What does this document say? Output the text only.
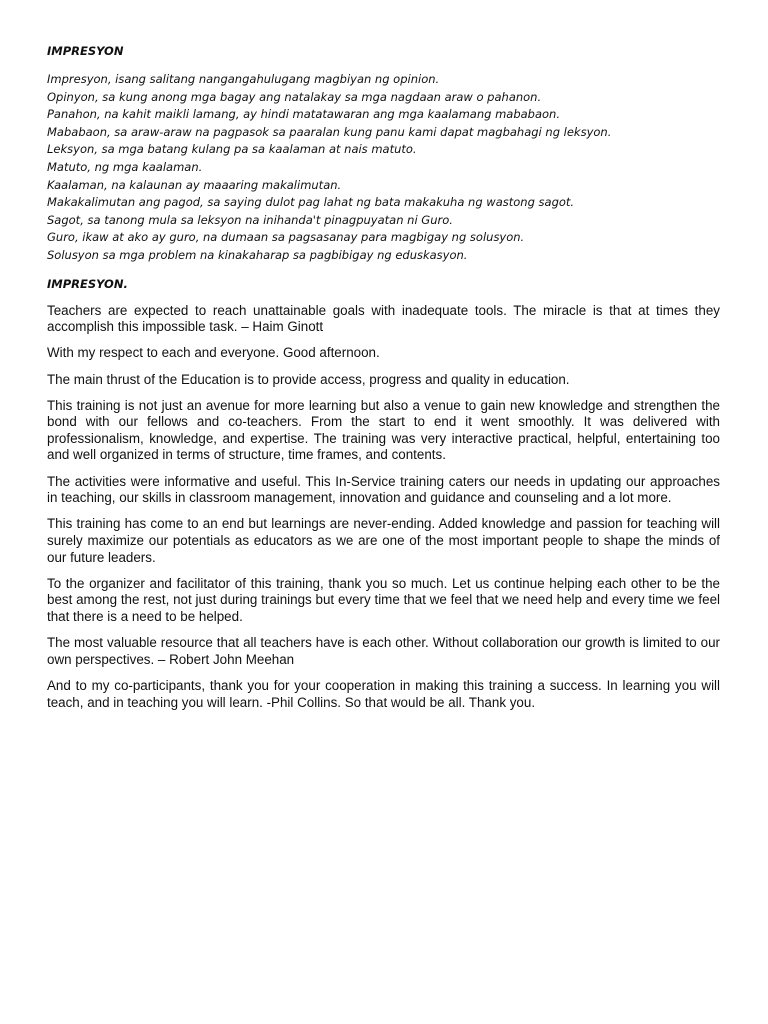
IMPRESYON
Impresyon, isang salitang nangangahulugang magbiyan ng opinion.
Opinyon, sa kung anong mga bagay ang natalakay sa mga nagdaan araw o pahanon.
Panahon, na kahit maikli lamang, ay hindi matatawaran ang mga kaalamang mababaon.
Mababaon, sa araw-araw na pagpasok sa paaralan kung panu kami dapat magbahagi ng leksyon.
Leksyon, sa mga batang kulang pa sa kaalaman at nais matuto.
Matuto, ng mga kaalaman.
Kaalaman, na kalaunan ay maaaring makalimutan.
Makakalimutan ang pagod, sa saying dulot pag lahat ng bata makakuha ng wastong sagot.
Sagot, sa tanong mula sa leksyon na inihanda't pinagpuyatan ni Guro.
Guro, ikaw at ako ay guro, na dumaan sa pagsasanay para magbigay ng solusyon.
Solusyon sa mga problem na kinakaharap sa pagbibigay ng eduskasyon.
IMPRESYON.

Teachers are expected to reach unattainable goals with inadequate tools. The miracle is that at times they accomplish this impossible task. – Haim Ginott

With my respect to each and everyone. Good afternoon.

The main thrust of the Education is to provide access, progress and quality in education.

This training is not just an avenue for more learning but also a venue to gain new knowledge and strengthen the bond with our fellows and co-teachers. From the start to end it went smoothly. It was delivered with professionalism, knowledge, and expertise. The training was very interactive practical, helpful, entertaining too and well organized in terms of structure, time frames, and contents.

The activities were informative and useful. This In-Service training caters our needs in updating our approaches in teaching, our skills in classroom management, innovation and guidance and counseling and a lot more.

This training has come to an end but learnings are never-ending. Added knowledge and passion for teaching will surely maximize our potentials as educators as we are one of the most important people to shape the minds of our future leaders.

To the organizer and facilitator of this training, thank you so much. Let us continue helping each other to be the best among the rest, not just during trainings but every time that we feel that we need help and every time we feel that there is a need to be helped.

The most valuable resource that all teachers have is each other. Without collaboration our growth is limited to our own perspectives. – Robert John Meehan

And to my co-participants, thank you for your cooperation in making this training a success. In learning you will teach, and in teaching you will learn. -Phil Collins. So that would be all. Thank you.
